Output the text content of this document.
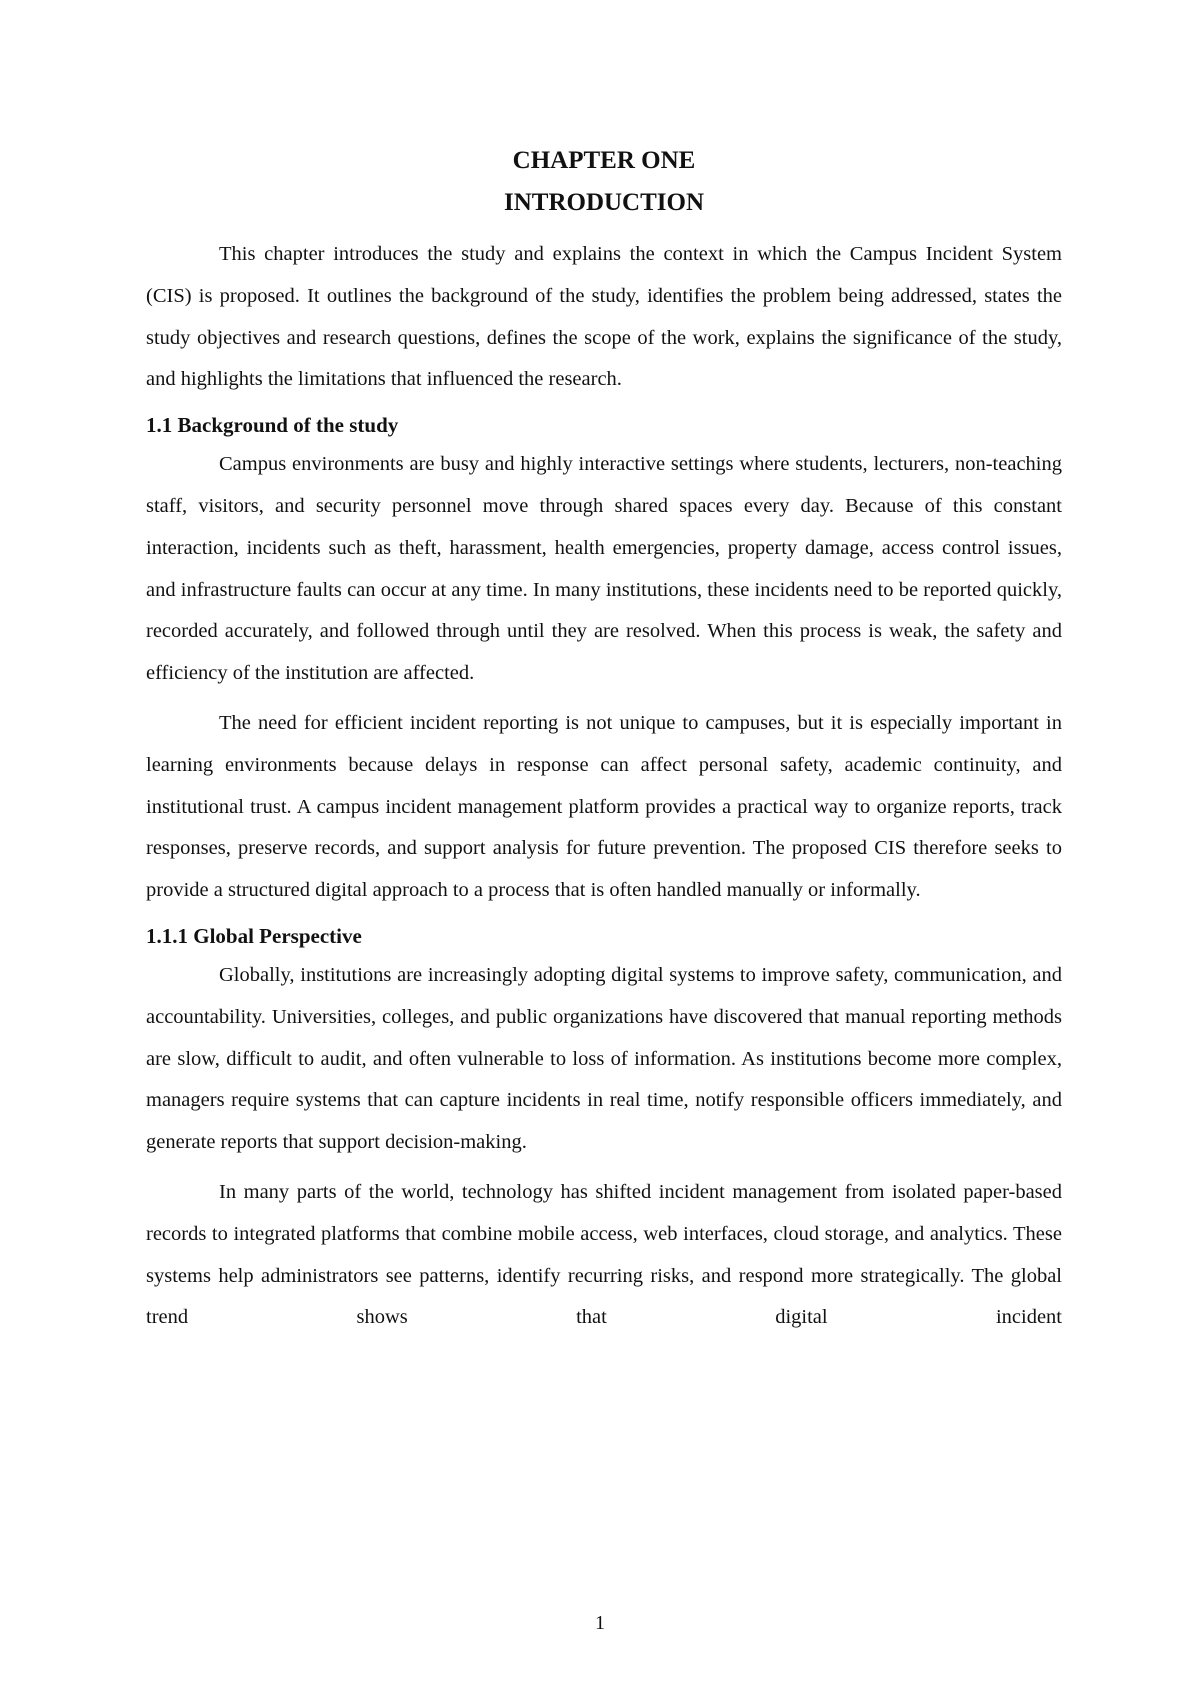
CHAPTER ONE
INTRODUCTION

This chapter introduces the study and explains the context in which the Campus Incident System (CIS) is proposed. It outlines the background of the study, identifies the problem being addressed, states the study objectives and research questions, defines the scope of the work, explains the significance of the study, and highlights the limitations that influenced the research.

1.1 Background of the study

Campus environments are busy and highly interactive settings where students, lecturers, non-teaching staff, visitors, and security personnel move through shared spaces every day. Because of this constant interaction, incidents such as theft, harassment, health emergencies, property damage, access control issues, and infrastructure faults can occur at any time. In many institutions, these incidents need to be reported quickly, recorded accurately, and followed through until they are resolved. When this process is weak, the safety and efficiency of the institution are affected.

The need for efficient incident reporting is not unique to campuses, but it is especially important in learning environments because delays in response can affect personal safety, academic continuity, and institutional trust. A campus incident management platform provides a practical way to organize reports, track responses, preserve records, and support analysis for future prevention. The proposed CIS therefore seeks to provide a structured digital approach to a process that is often handled manually or informally.

1.1.1 Global Perspective

Globally, institutions are increasingly adopting digital systems to improve safety, communication, and accountability. Universities, colleges, and public organizations have discovered that manual reporting methods are slow, difficult to audit, and often vulnerable to loss of information. As institutions become more complex, managers require systems that can capture incidents in real time, notify responsible officers immediately, and generate reports that support decision-making.

In many parts of the world, technology has shifted incident management from isolated paper-based records to integrated platforms that combine mobile access, web interfaces, cloud storage, and analytics. These systems help administrators see patterns, identify recurring risks, and respond more strategically. The global trend shows that digital incident

1
